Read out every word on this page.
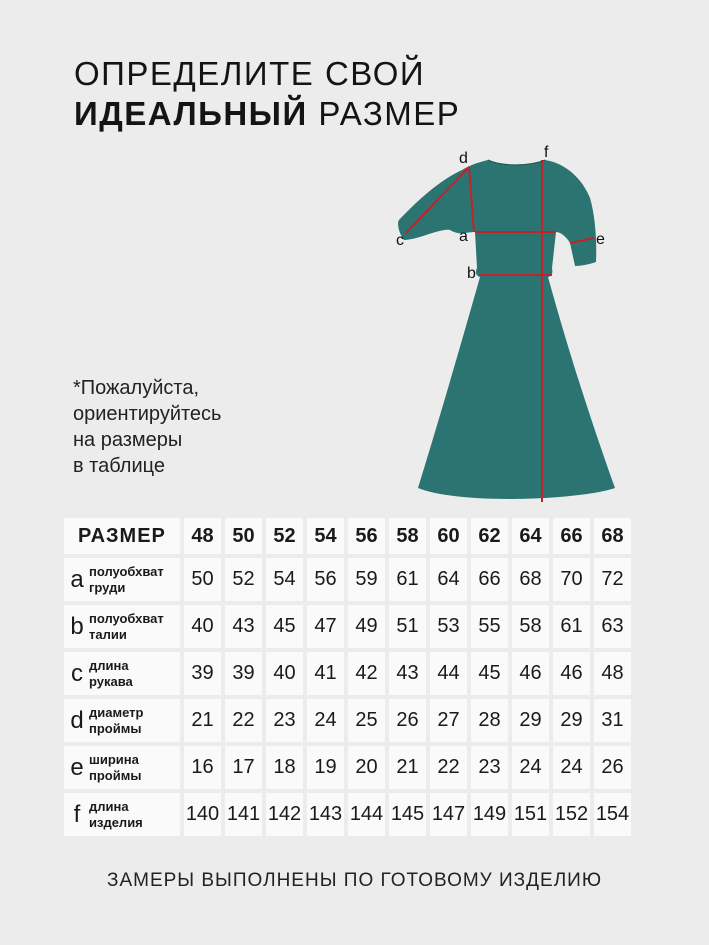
ОПРЕДЕЛИТЕ СВОЙ
ИДЕАЛЬНЫЙ РАЗМЕР
*Пожалуйста,
ориентируйтесь
на размеры
в таблице
d	f
c	a	e
b
РАЗМЕР	48	50	52	54	56	58	60	62	64	66	68

a полуобхват
груди	50	52	54	56	59	61	64	66	68	70	72

b полуобхват
талии	40	43	45	47	49	51	53	55	58	61	63

c длина
рукава	39	39	40	41	42	43	44	45	46	46	48

d диаметр
проймы	21	22	23	24	25	26	27	28	29	29	31

e ширина
проймы	16	17	18	19	20	21	22	23	24	24	26

f длина
изделия	140	141	142	143	144	145	147	149	151	152	154
ЗАМЕРЫ ВЫПОЛНЕНЫ ПО ГОТОВОМУ ИЗДЕЛИЮ
